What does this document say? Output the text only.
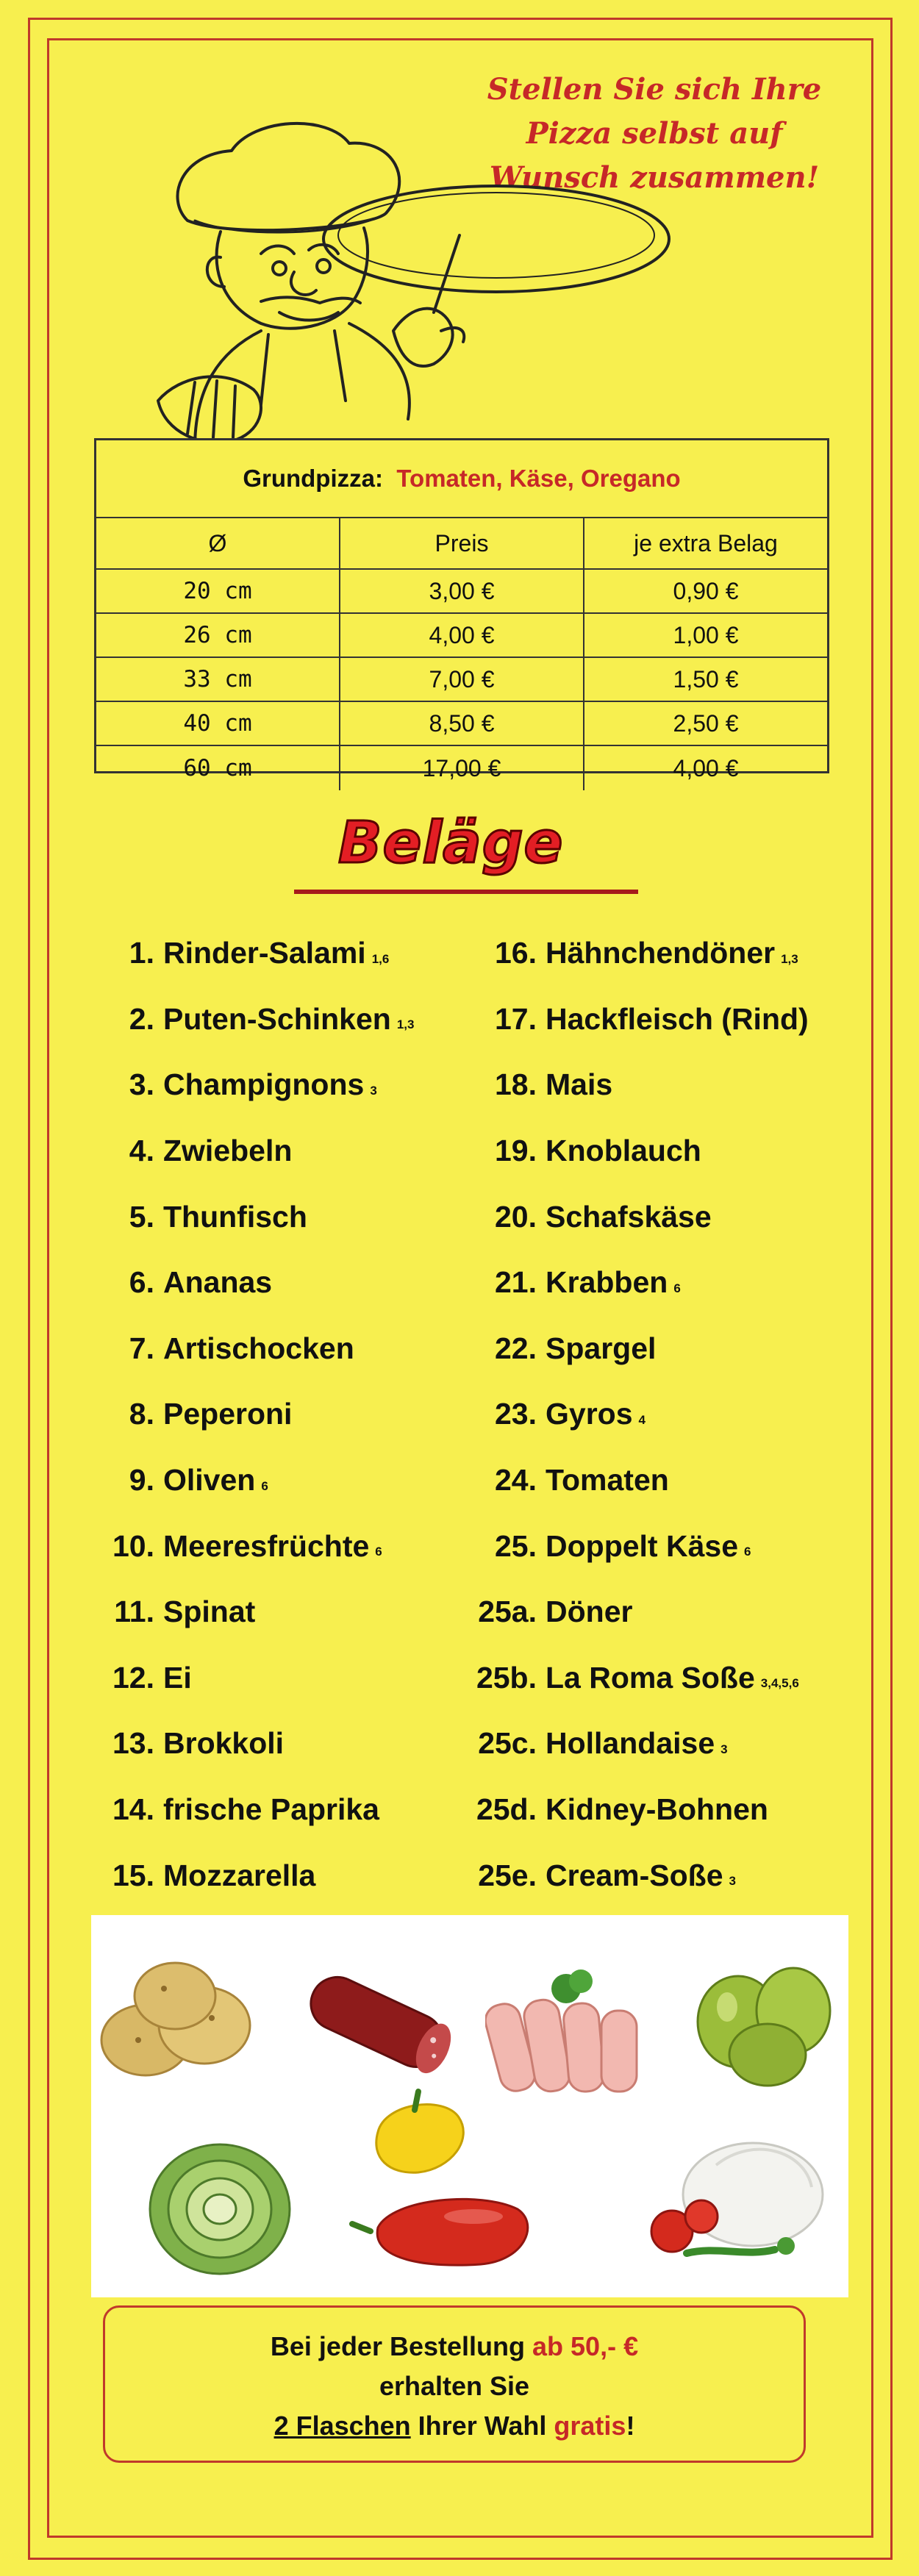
Stellen Sie sich Ihre
Pizza selbst auf
Wunsch zusammen!
Grundpizza: Tomaten, Käse, Oregano
Ø	Preis	je extra Belag
20 cm	3,00 €	0,90 €
26 cm	4,00 €	1,00 €
33 cm	7,00 €	1,50 €
40 cm	8,50 €	2,50 €
60 cm	17,00 €	4,00 €
Beläge
1. Rinder-Salami 1,6
2. Puten-Schinken 1,3
3. Champignons 3
4. Zwiebeln
5. Thunfisch
6. Ananas
7. Artischocken
8. Peperoni
9. Oliven 6
10. Meeresfrüchte 6
11. Spinat
12. Ei
13. Brokkoli
14. frische Paprika
15. Mozzarella
16. Hähnchendöner 1,3
17. Hackfleisch (Rind)
18. Mais
19. Knoblauch
20. Schafskäse
21. Krabben 6
22. Spargel
23. Gyros 4
24. Tomaten
25. Doppelt Käse 6
25a. Döner
25b. La Roma Soße 3,4,5,6
25c. Hollandaise 3
25d. Kidney-Bohnen
25e. Cream-Soße 3
Bei jeder Bestellung ab 50,- €
erhalten Sie
2 Flaschen Ihrer Wahl gratis!
